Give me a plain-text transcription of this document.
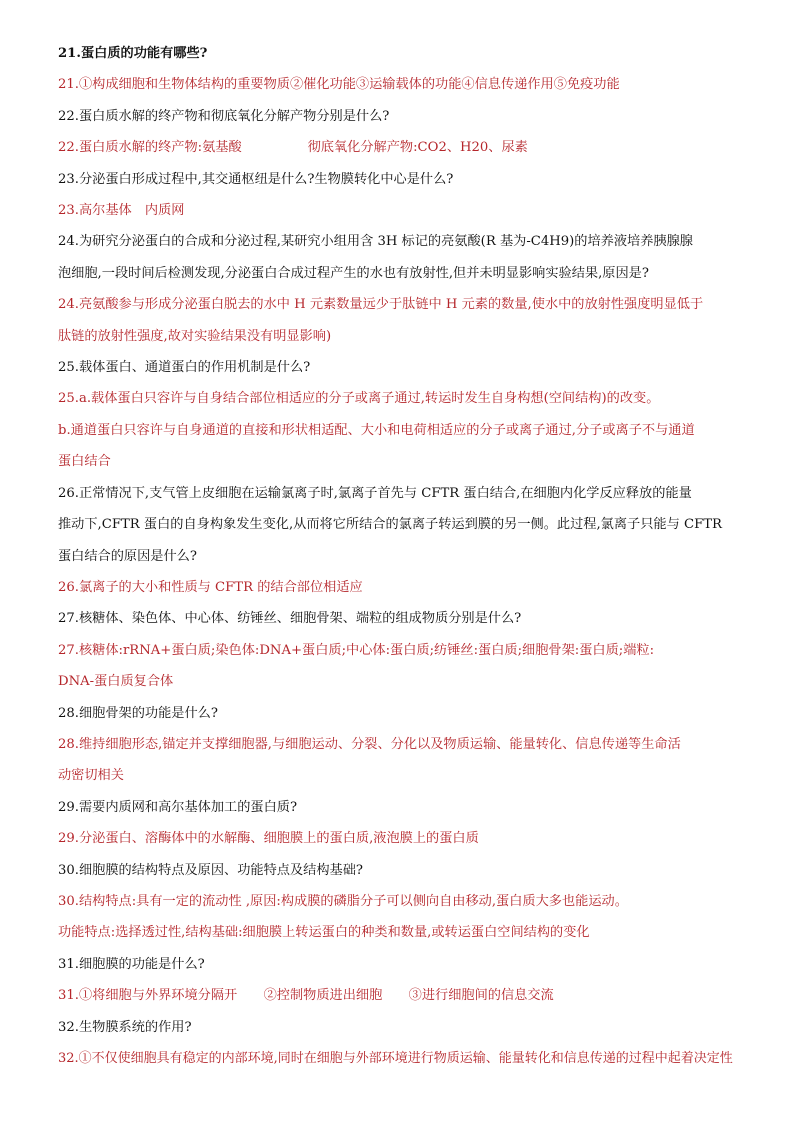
21.蛋白质的功能有哪些?
21.①构成细胞和生物体结构的重要物质②催化功能③运输载体的功能④信息传递作用⑤免疫功能
22.蛋白质水解的终产物和彻底氧化分解产物分别是什么?
22.蛋白质水解的终产物:氨基酸　　　　　彻底氧化分解产物:CO2、H20、尿素
23.分泌蛋白形成过程中,其交通枢纽是什么?生物膜转化中心是什么?
23.高尔基体　内质网
24.为研究分泌蛋白的合成和分泌过程,某研究小组用含 3H 标记的亮氨酸(R 基为-C4H9)的培养液培养胰腺腺
泡细胞,一段时间后检测发现,分泌蛋白合成过程产生的水也有放射性,但并未明显影响实验结果,原因是?
24.亮氨酸参与形成分泌蛋白脱去的水中 H 元素数量远少于肽链中 H 元素的数量,使水中的放射性强度明显低于
肽链的放射性强度,故对实验结果没有明显影响)
25.载体蛋白、通道蛋白的作用机制是什么?
25.a.载体蛋白只容许与自身结合部位相适应的分子或离子通过,转运时发生自身构想(空间结构)的改变。
b.通道蛋白只容许与自身通道的直接和形状相适配、大小和电荷相适应的分子或离子通过,分子或离子不与通道
蛋白结合
26.正常情况下,支气管上皮细胞在运输氯离子时,氯离子首先与 CFTR 蛋白结合,在细胞内化学反应释放的能量
推动下,CFTR 蛋白的自身构象发生变化,从而将它所结合的氯离子转运到膜的另一侧。此过程,氯离子只能与 CFTR
蛋白结合的原因是什么?
26.氯离子的大小和性质与 CFTR 的结合部位相适应
27.核糖体、染色体、中心体、纺锤丝、细胞骨架、端粒的组成物质分别是什么?
27.核糖体:rRNA+蛋白质;染色体:DNA+蛋白质;中心体:蛋白质;纺锤丝:蛋白质;细胞骨架:蛋白质;端粒:
DNA-蛋白质复合体
28.细胞骨架的功能是什么?
28.维持细胞形态,锚定并支撑细胞器,与细胞运动、分裂、分化以及物质运输、能量转化、信息传递等生命活
动密切相关
29.需要内质网和高尔基体加工的蛋白质?
29.分泌蛋白、溶酶体中的水解酶、细胞膜上的蛋白质,液泡膜上的蛋白质
30.细胞膜的结构特点及原因、功能特点及结构基础?
30.结构特点:具有一定的流动性 ,原因:构成膜的磷脂分子可以侧向自由移动,蛋白质大多也能运动。
功能特点:选择透过性,结构基础:细胞膜上转运蛋白的种类和数量,或转运蛋白空间结构的变化
31.细胞膜的功能是什么?
31.①将细胞与外界环境分隔开　　②控制物质进出细胞　　③进行细胞间的信息交流
32.生物膜系统的作用?
32.①不仅使细胞具有稳定的内部环境,同时在细胞与外部环境进行物质运输、能量转化和信息传递的过程中起着决定性
